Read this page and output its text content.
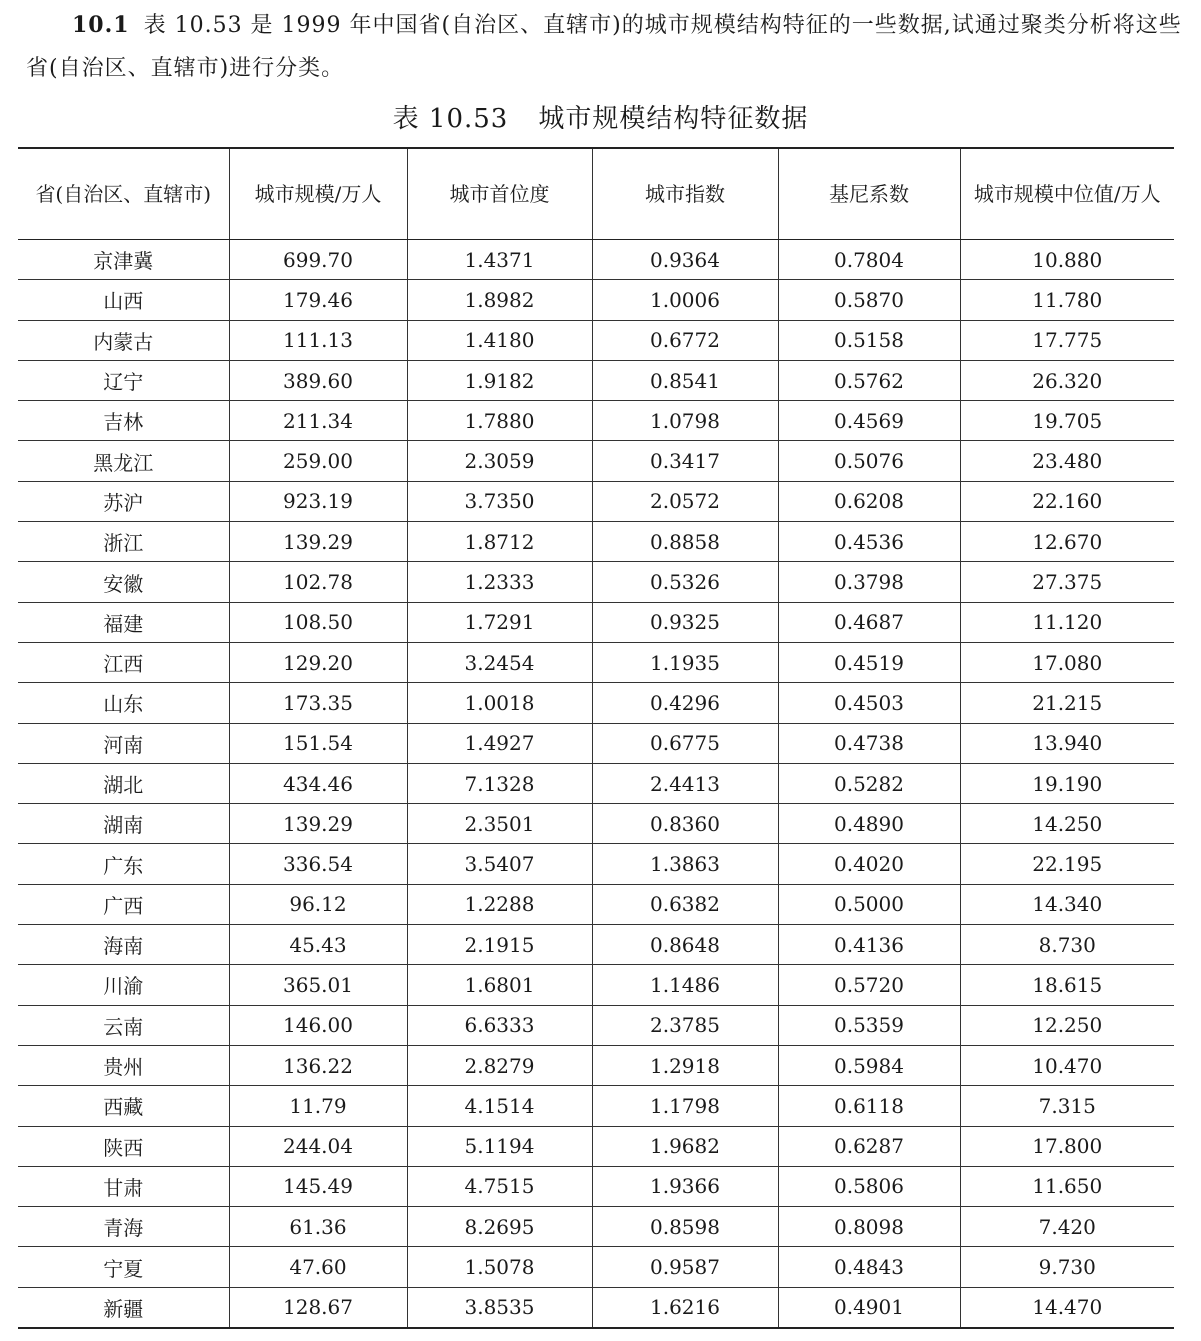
10.1 表 10.53 是 1999 年中国省(自治区、直辖市)的城市规模结构特征的一些数据,试通过聚类分析将这些省(自治区、直辖市)进行分类。
表 10.53 城市规模结构特征数据
省(自治区、直辖市)	城市规模/万人	城市首位度	城市指数	基尼系数	城市规模中位值/万人
京津冀	699.70	1.4371	0.9364	0.7804	10.880
山西	179.46	1.8982	1.0006	0.5870	11.780
内蒙古	111.13	1.4180	0.6772	0.5158	17.775
辽宁	389.60	1.9182	0.8541	0.5762	26.320
吉林	211.34	1.7880	1.0798	0.4569	19.705
黑龙江	259.00	2.3059	0.3417	0.5076	23.480
苏沪	923.19	3.7350	2.0572	0.6208	22.160
浙江	139.29	1.8712	0.8858	0.4536	12.670
安徽	102.78	1.2333	0.5326	0.3798	27.375
福建	108.50	1.7291	0.9325	0.4687	11.120
江西	129.20	3.2454	1.1935	0.4519	17.080
山东	173.35	1.0018	0.4296	0.4503	21.215
河南	151.54	1.4927	0.6775	0.4738	13.940
湖北	434.46	7.1328	2.4413	0.5282	19.190
湖南	139.29	2.3501	0.8360	0.4890	14.250
广东	336.54	3.5407	1.3863	0.4020	22.195
广西	96.12	1.2288	0.6382	0.5000	14.340
海南	45.43	2.1915	0.8648	0.4136	8.730
川渝	365.01	1.6801	1.1486	0.5720	18.615
云南	146.00	6.6333	2.3785	0.5359	12.250
贵州	136.22	2.8279	1.2918	0.5984	10.470
西藏	11.79	4.1514	1.1798	0.6118	7.315
陕西	244.04	5.1194	1.9682	0.6287	17.800
甘肃	145.49	4.7515	1.9366	0.5806	11.650
青海	61.36	8.2695	0.8598	0.8098	7.420
宁夏	47.60	1.5078	0.9587	0.4843	9.730
新疆	128.67	3.8535	1.6216	0.4901	14.470
